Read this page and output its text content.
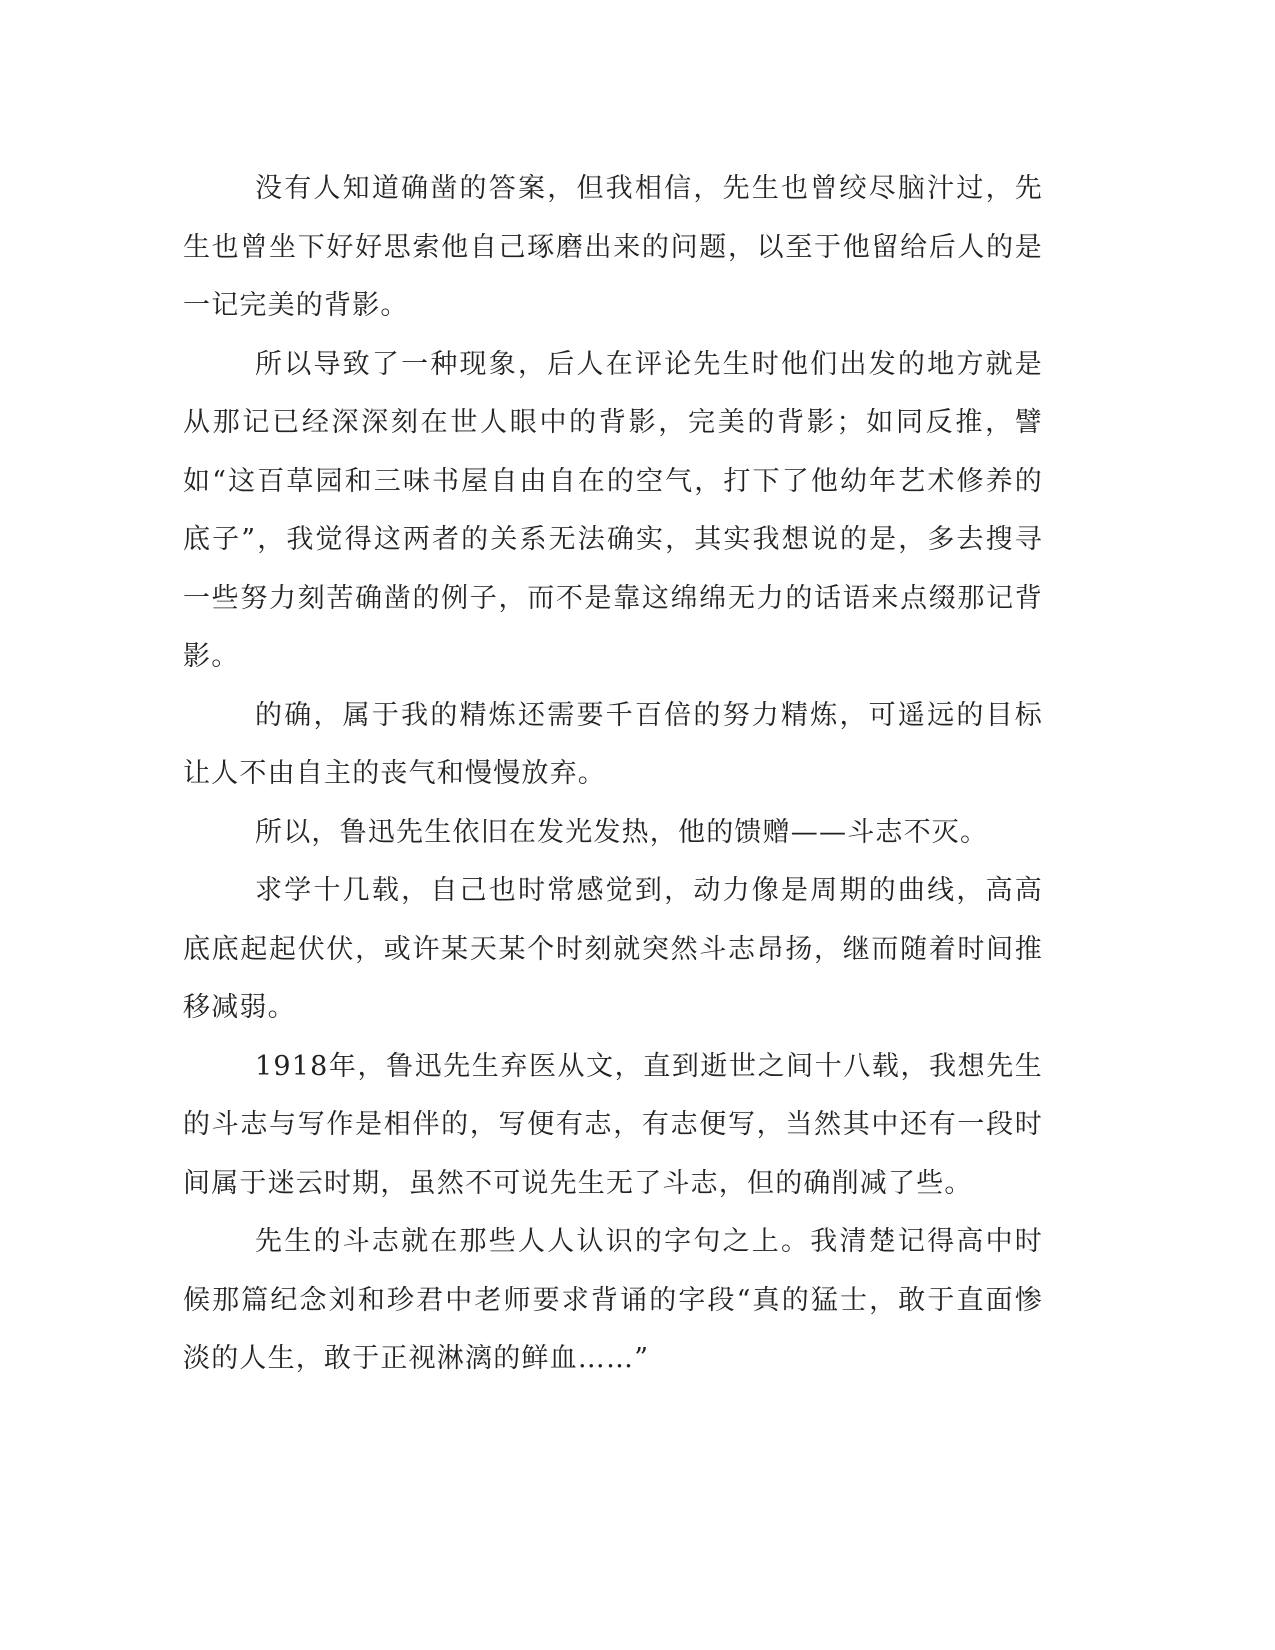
没有人知道确凿的答案，但我相信，先生也曾绞尽脑汁过，先生也曾坐下好好思索他自己琢磨出来的问题，以至于他留给后人的是一记完美的背影。

所以导致了一种现象，后人在评论先生时他们出发的地方就是从那记已经深深刻在世人眼中的背影，完美的背影；如同反推，譬如“这百草园和三味书屋自由自在的空气，打下了他幼年艺术修养的底子”，我觉得这两者的关系无法确实，其实我想说的是，多去搜寻一些努力刻苦确凿的例子，而不是靠这绵绵无力的话语来点缀那记背影。

的确，属于我的精炼还需要千百倍的努力精炼，可遥远的目标让人不由自主的丧气和慢慢放弃。

所以，鲁迅先生依旧在发光发热，他的馈赠——斗志不灭。

求学十几载，自己也时常感觉到，动力像是周期的曲线，高高底底起起伏伏，或许某天某个时刻就突然斗志昂扬，继而随着时间推移减弱。

1918年，鲁迅先生弃医从文，直到逝世之间十八载，我想先生的斗志与写作是相伴的，写便有志，有志便写，当然其中还有一段时间属于迷云时期，虽然不可说先生无了斗志，但的确削减了些。

先生的斗志就在那些人人认识的字句之上。我清楚记得高中时候那篇纪念刘和珍君中老师要求背诵的字段“真的猛士，敢于直面惨淡的人生，敢于正视淋漓的鲜血……”
